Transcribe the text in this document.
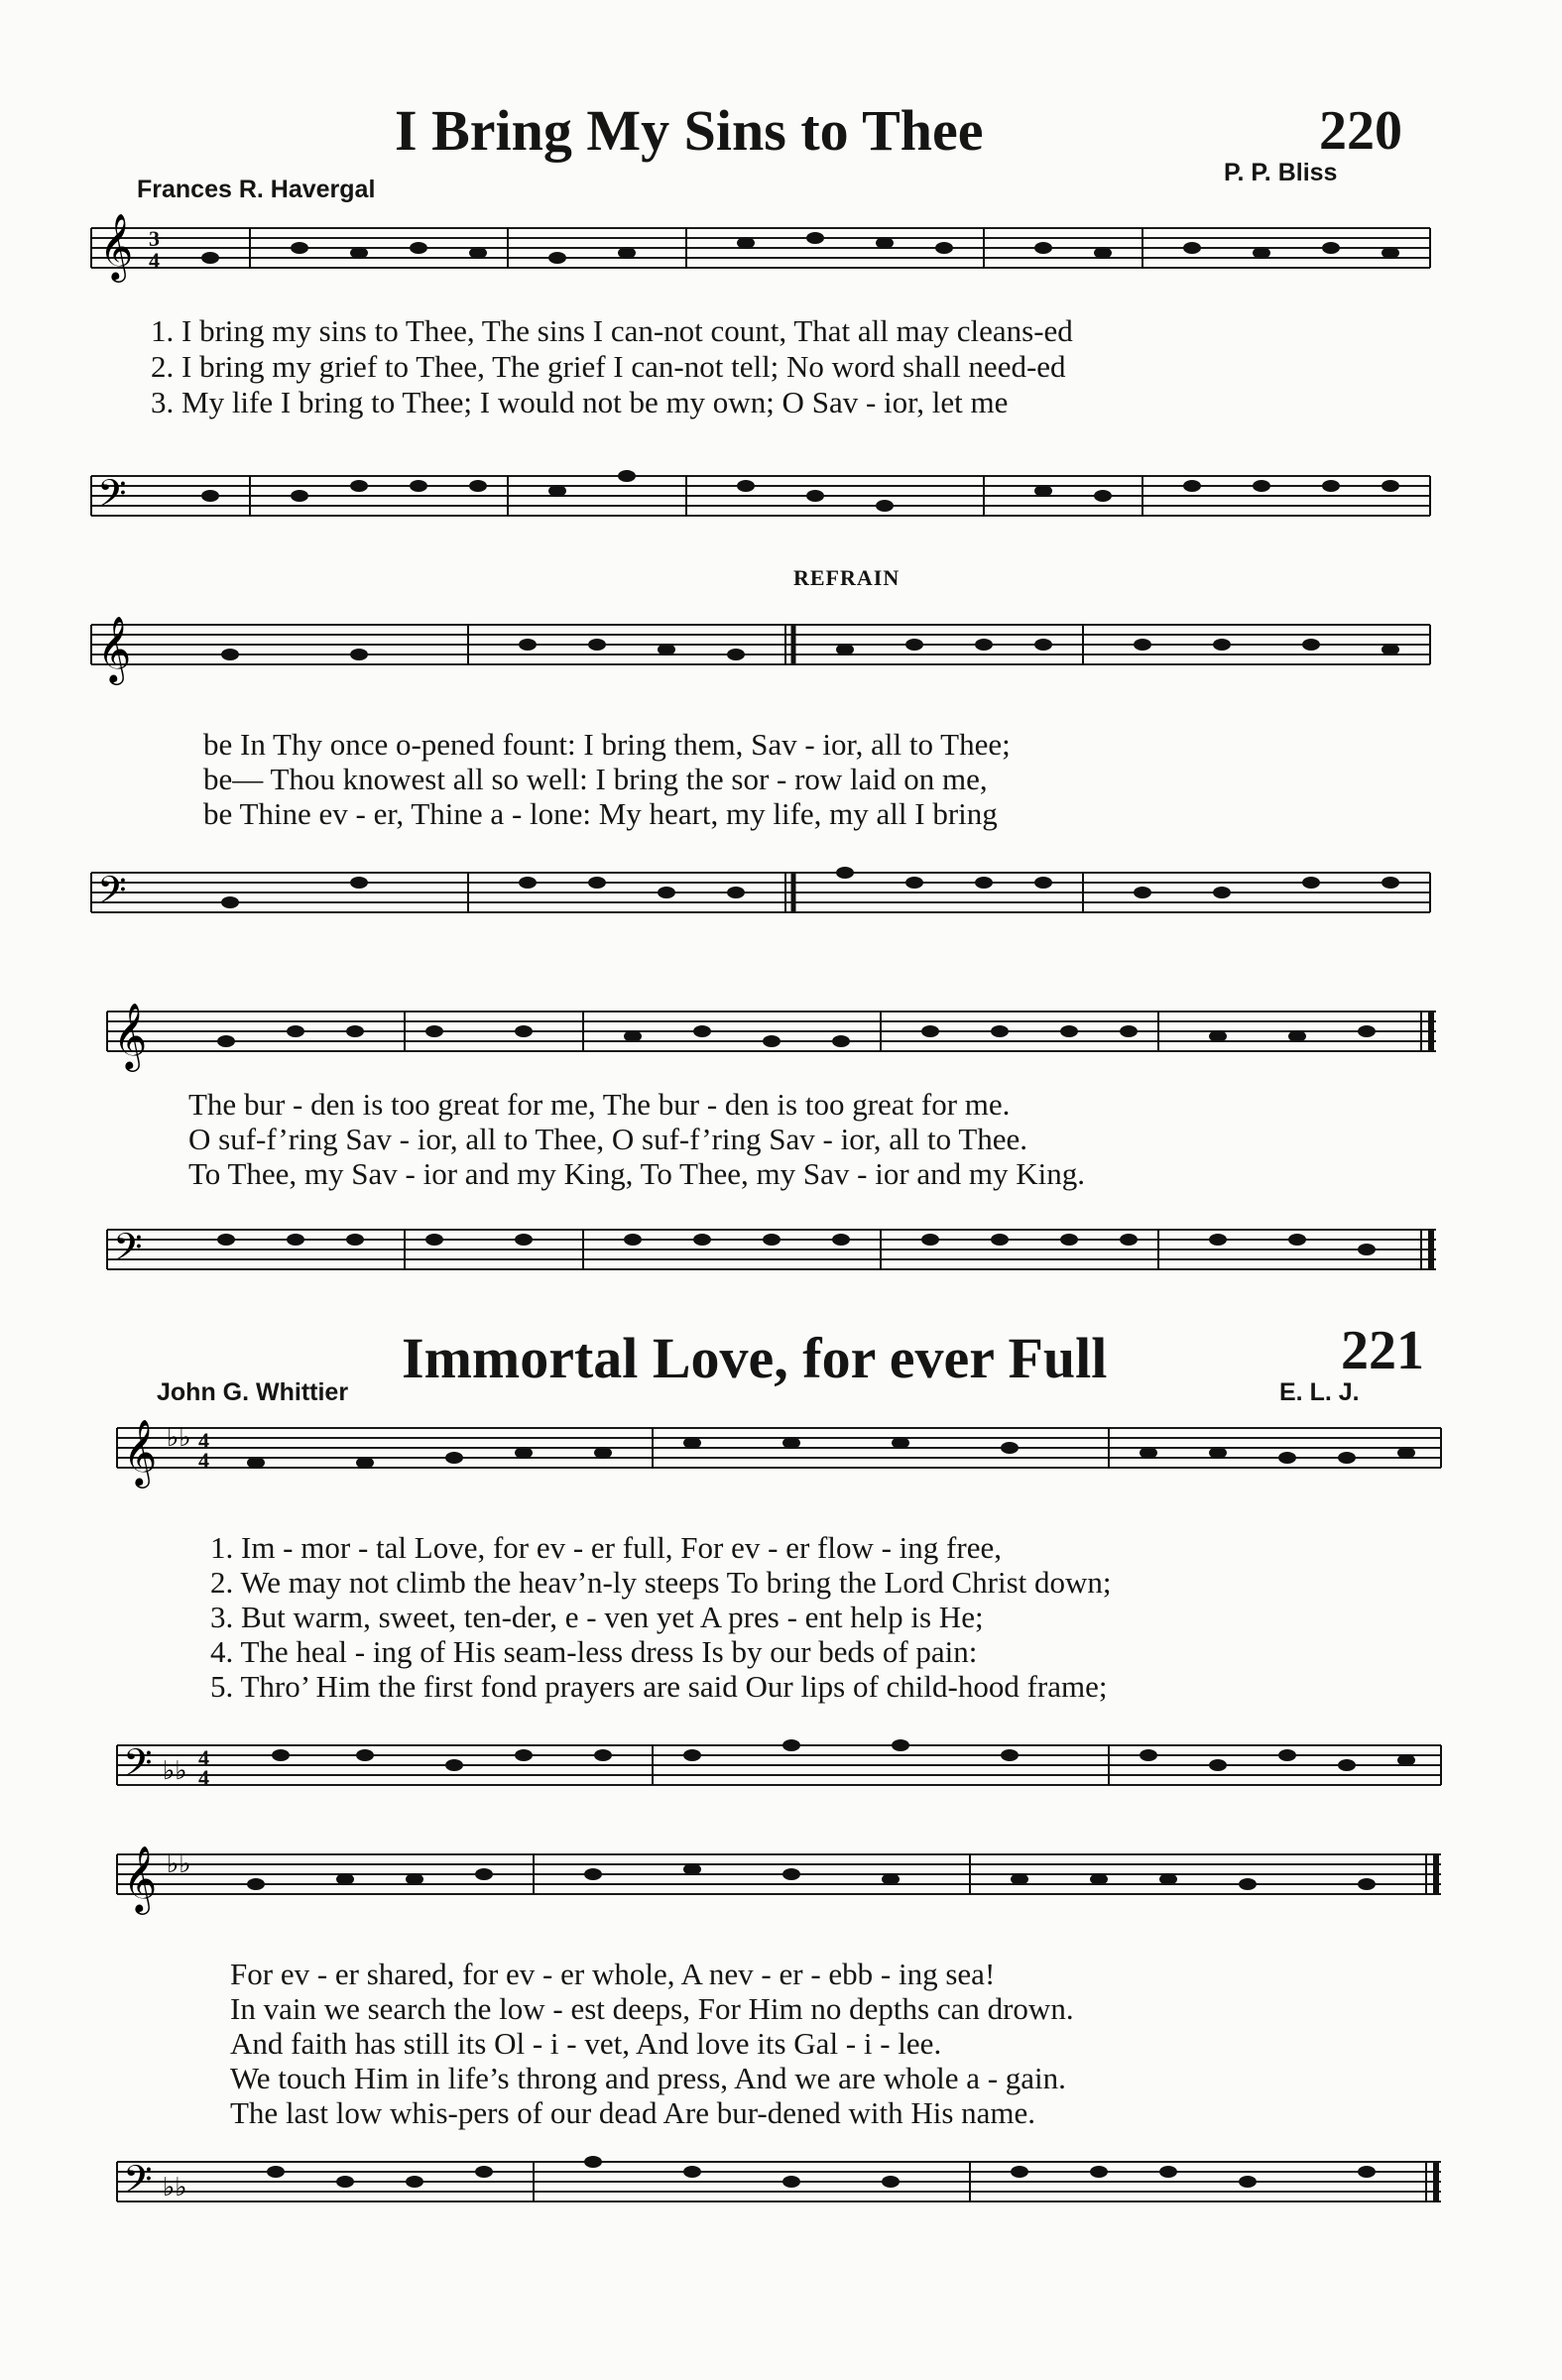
I Bring My Sins to Thee	220
Frances R. Havergal
P. P. Bliss
𝄞 3
4
1. I bring my sins to Thee, The sins I can-not count, That all may cleans-ed
2. I bring my grief to Thee, The grief I can-not tell; No word shall need-ed
3. My life I bring to Thee; I would not be my own; O Sav - ior, let me
𝄢
REFRAIN
𝄞
be In Thy once o-pened fount: I bring them, Sav - ior, all to Thee;
be— Thou knowest all so well: I bring the sor - row laid on me,
be Thine ev - er, Thine a - lone: My heart, my life, my all I bring
𝄢
𝄞
The bur - den is too great for me, The bur - den is too great for me.
O suf-f’ring Sav - ior, all to Thee, O suf-f’ring Sav - ior, all to Thee.
To Thee, my Sav - ior and my King, To Thee, my Sav - ior and my King.
𝄢
Immortal Love, for ever Full	221
John G. Whittier	E. L. J.
𝄞 ♭♭ 4
4
1. Im - mor - tal Love, for ev - er full, For ev - er flow - ing free,
2. We may not climb the heav’n-ly steeps To bring the Lord Christ down;
3. But warm, sweet, ten-der, e - ven yet A pres - ent help is He;
4. The heal - ing of His seam-less dress Is by our beds of pain:
5. Thro’ Him the first fond prayers are said Our lips of child-hood frame;
𝄢 ♭♭ 4
4
𝄞 ♭♭
For ev - er shared, for ev - er whole, A nev - er - ebb - ing sea!
In vain we search the low - est deeps, For Him no depths can drown.
And faith has still its Ol - i - vet, And love its Gal - i - lee.
We touch Him in life’s throng and press, And we are whole a - gain.
The last low whis-pers of our dead Are bur-dened with His name.
𝄢 ♭♭
